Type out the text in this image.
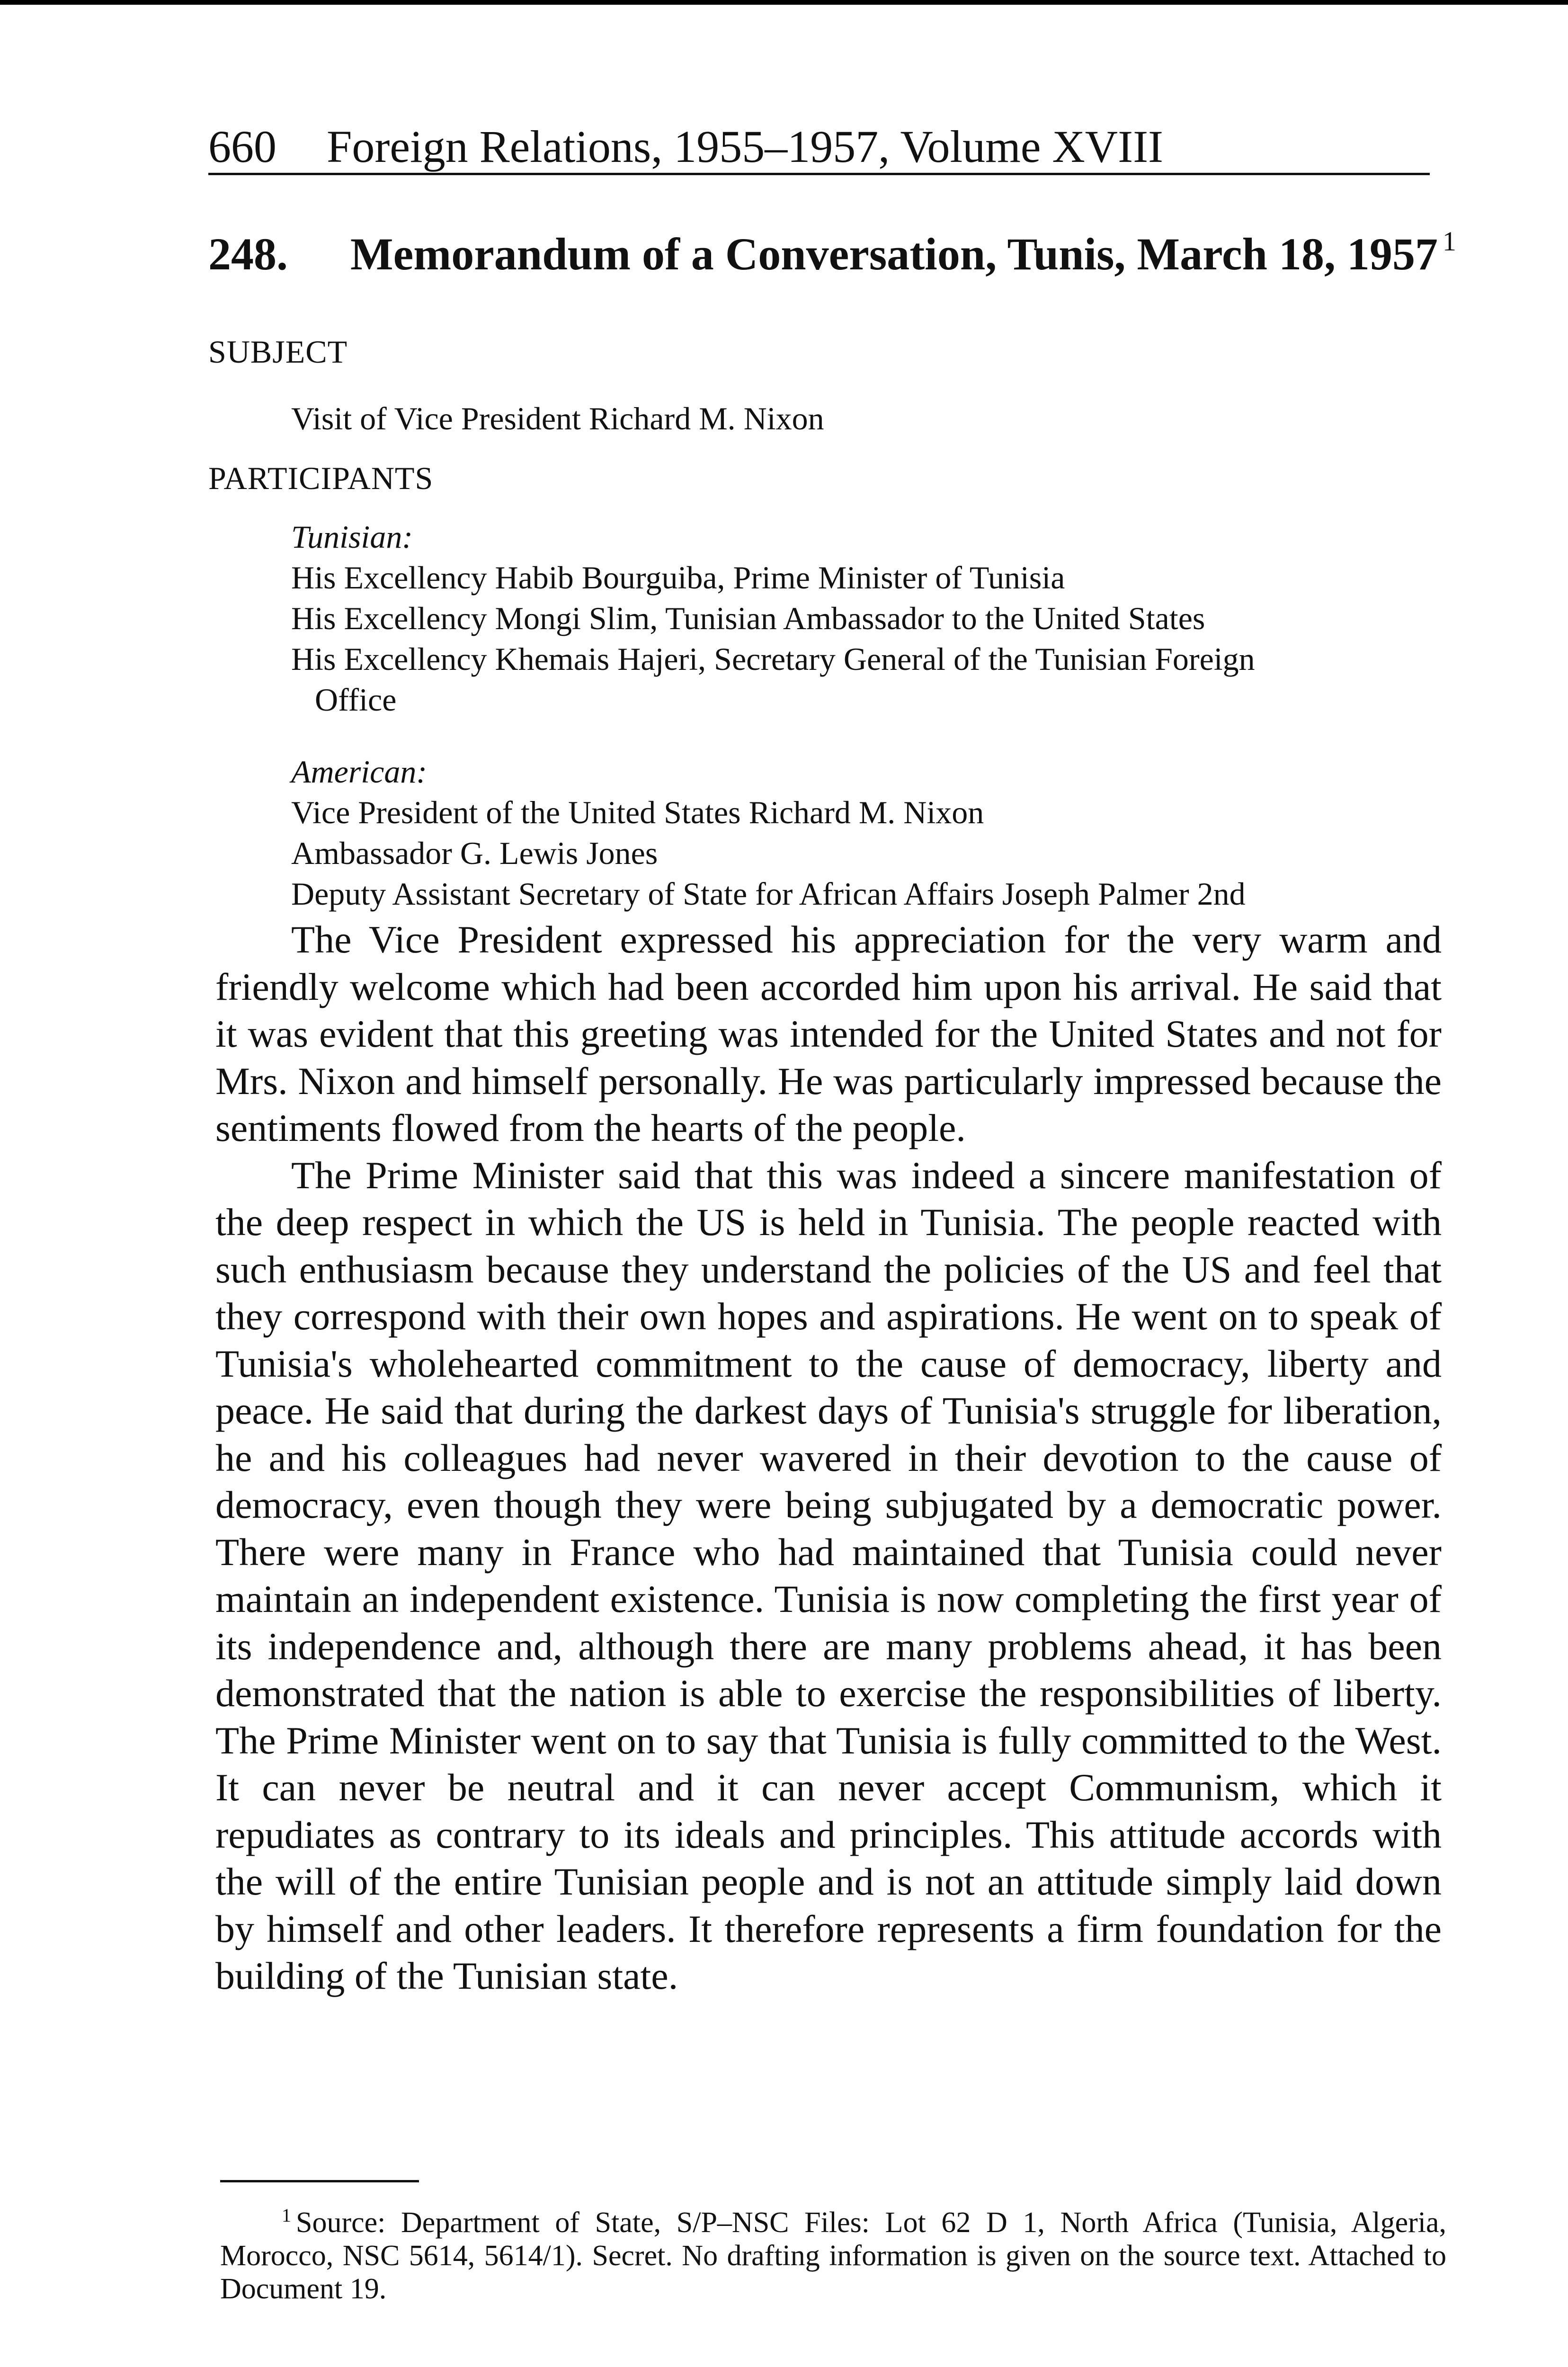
660 Foreign Relations, 1955–1957, Volume XVIII
248. Memorandum of a Conversation, Tunis, March 18, 1957 $^1$
SUBJECT
Visit of Vice President Richard M. Nixon
PARTICIPANTS
Tunisian:
His Excellency Habib Bourguiba, Prime Minister of Tunisia
His Excellency Mongi Slim, Tunisian Ambassador to the United States
His Excellency Khemais Hajeri, Secretary General of the Tunisian Foreign
Office
American:
Vice President of the United States Richard M. Nixon
Ambassador G. Lewis Jones
Deputy Assistant Secretary of State for African Affairs Joseph Palmer 2nd

The Vice President expressed his appreciation for the very warm and friendly welcome which had been accorded him upon his arrival. He said that it was evident that this greeting was intended for the United States and not for Mrs. Nixon and himself personally. He was particularly impressed because the sentiments flowed from the hearts of the people.

The Prime Minister said that this was indeed a sincere manifestation of the deep respect in which the US is held in Tunisia. The people reacted with such enthusiasm because they understand the policies of the US and feel that they correspond with their own hopes and aspirations. He went on to speak of Tunisia's wholehearted commitment to the cause of democracy, liberty and peace. He said that during the darkest days of Tunisia's struggle for liberation, he and his colleagues had never wavered in their devotion to the cause of democracy, even though they were being subjugated by a democratic power. There were many in France who had maintained that Tunisia could never maintain an independent existence. Tunisia is now completing the first year of its independence and, although there are many problems ahead, it has been demonstrated that the nation is able to exercise the responsibilities of liberty. The Prime Minister went on to say that Tunisia is fully committed to the West. It can never be neutral and it can never accept Communism, which it repudiates as contrary to its ideals and principles. This attitude accords with the will of the entire Tunisian people and is not an attitude simply laid down by himself and other leaders. It therefore represents a firm foundation for the building of the Tunisian state.

$^1$ Source: Department of State, S/P–NSC Files: Lot 62 D 1, North Africa (Tunisia, Algeria, Morocco, NSC 5614, 5614/1). Secret. No drafting information is given on the source text. Attached to Document 19.
